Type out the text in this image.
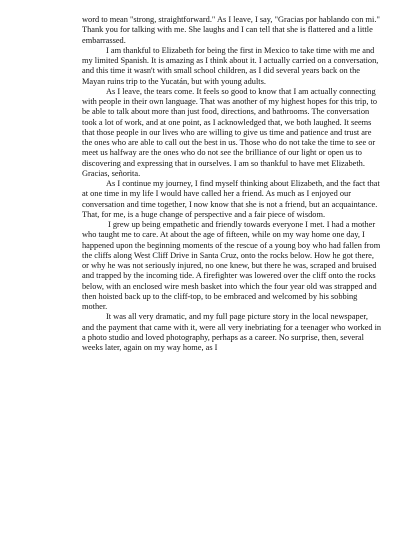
word to mean "strong, straightforward." As I leave, I say, "Gracias por hablando con mi." Thank you for talking with me. She laughs and I can tell that she is flattered and a little embarrassed.

I am thankful to Elizabeth for being the first in Mexico to take time with me and my limited Spanish. It is amazing as I think about it. I actually carried on a conversation, and this time it wasn't with small school children, as I did several years back on the Mayan ruins trip to the Yucatán, but with young adults.

As I leave, the tears come. It feels so good to know that I am actually connecting with people in their own language. That was another of my highest hopes for this trip, to be able to talk about more than just food, directions, and bathrooms. The conversation took a lot of work, and at one point, as I acknowledged that, we both laughed. It seems that those people in our lives who are willing to give us time and patience and trust are the ones who are able to call out the best in us. Those who do not take the time to see or meet us halfway are the ones who do not see the brilliance of our light or open us to discovering and expressing that in ourselves. I am so thankful to have met Elizabeth. Gracias, señorita.

As I continue my journey, I find myself thinking about Elizabeth, and the fact that at one time in my life I would have called her a friend. As much as I enjoyed our conversation and time together, I now know that she is not a friend, but an acquaintance. That, for me, is a huge change of perspective and a fair piece of wisdom.

I grew up being empathetic and friendly towards everyone I met. I had a mother who taught me to care. At about the age of fifteen, while on my way home one day, I happened upon the beginning moments of the rescue of a young boy who had fallen from the cliffs along West Cliff Drive in Santa Cruz, onto the rocks below. How he got there, or why he was not seriously injured, no one knew, but there he was, scraped and bruised and trapped by the incoming tide. A firefighter was lowered over the cliff onto the rocks below, with an enclosed wire mesh basket into which the four year old was strapped and then hoisted back up to the cliff-top, to be embraced and welcomed by his sobbing mother.

It was all very dramatic, and my full page picture story in the local newspaper, and the payment that came with it, were all very inebriating for a teenager who worked in a photo studio and loved photography, perhaps as a career. No surprise, then, several weeks later, again on my way home, as I
